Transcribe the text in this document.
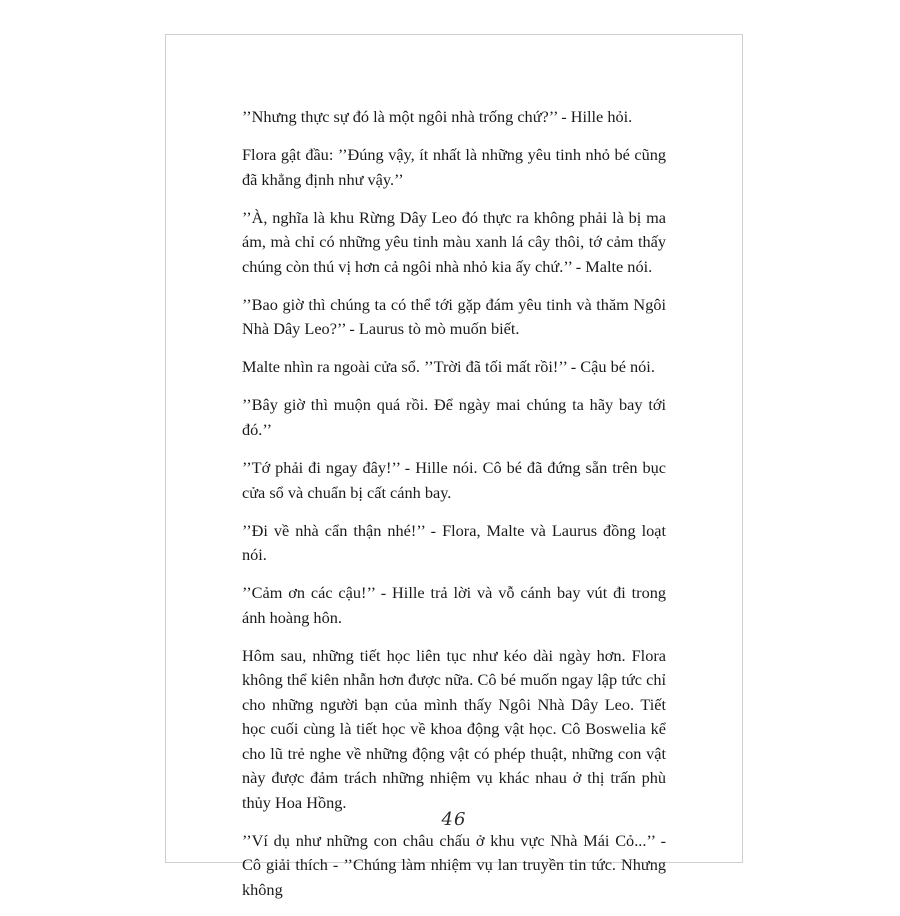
’’Nhưng thực sự đó là một ngôi nhà trống chứ?’’ - Hille hỏi.

Flora gật đầu: ’’Đúng vậy, ít nhất là những yêu tinh nhỏ bé cũng đã khẳng định như vậy.’’

’’À, nghĩa là khu Rừng Dây Leo đó thực ra không phải là bị ma ám, mà chỉ có những yêu tinh màu xanh lá cây thôi, tớ cảm thấy chúng còn thú vị hơn cả ngôi nhà nhỏ kia ấy chứ.’’ - Malte nói.

’’Bao giờ thì chúng ta có thể tới gặp đám yêu tinh và thăm Ngôi Nhà Dây Leo?’’ - Laurus tò mò muốn biết.

Malte nhìn ra ngoài cửa sổ. ’’Trời đã tối mất rồi!’’ - Cậu bé nói.

’’Bây giờ thì muộn quá rồi. Để ngày mai chúng ta hãy bay tới đó.’’

’’Tớ phải đi ngay đây!’’ - Hille nói. Cô bé đã đứng sẵn trên bục cửa sổ và chuẩn bị cất cánh bay.

’’Đi về nhà cẩn thận nhé!’’ - Flora, Malte và Laurus đồng loạt nói.

’’Cảm ơn các cậu!’’ - Hille trả lời và vỗ cánh bay vút đi trong ánh hoàng hôn.

Hôm sau, những tiết học liên tục như kéo dài ngày hơn. Flora không thể kiên nhẫn hơn được nữa. Cô bé muốn ngay lập tức chỉ cho những người bạn của mình thấy Ngôi Nhà Dây Leo. Tiết học cuối cùng là tiết học về khoa động vật học. Cô Boswelia kể cho lũ trẻ nghe về những động vật có phép thuật, những con vật này được đảm trách những nhiệm vụ khác nhau ở thị trấn phù thủy Hoa Hồng.

’’Ví dụ như những con châu chấu ở khu vực Nhà Mái Cỏ...’’ - Cô giải thích - ’’Chúng làm nhiệm vụ lan truyền tin tức. Nhưng không

46
